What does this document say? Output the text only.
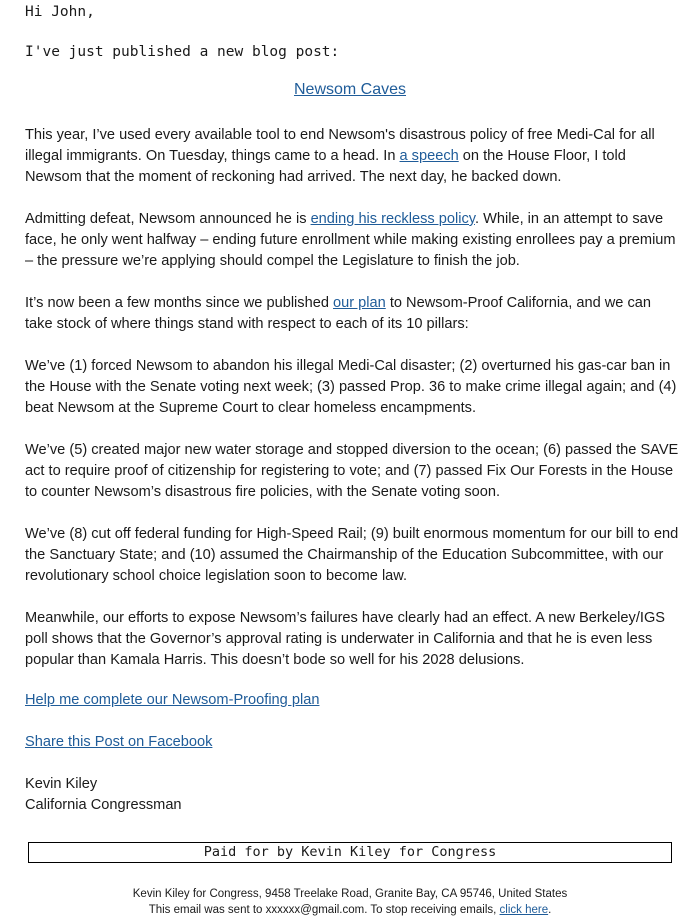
Hi John,
I've just published a new blog post:
Newsom Caves

This year, I’ve used every available tool to end Newsom's disastrous policy of free Medi-Cal for all illegal immigrants. On Tuesday, things came to a head. In a speech on the House Floor, I told Newsom that the moment of reckoning had arrived. The next day, he backed down.

Admitting defeat, Newsom announced he is ending his reckless policy. While, in an attempt to save face, he only went halfway – ending future enrollment while making existing enrollees pay a premium – the pressure we’re applying should compel the Legislature to finish the job.

It’s now been a few months since we published our plan to Newsom-Proof California, and we can take stock of where things stand with respect to each of its 10 pillars:

We’ve (1) forced Newsom to abandon his illegal Medi-Cal disaster; (2) overturned his gas-car ban in the House with the Senate voting next week; (3) passed Prop. 36 to make crime illegal again; and (4) beat Newsom at the Supreme Court to clear homeless encampments.

We’ve (5) created major new water storage and stopped diversion to the ocean; (6) passed the SAVE act to require proof of citizenship for registering to vote; and (7) passed Fix Our Forests in the House to counter Newsom’s disastrous fire policies, with the Senate voting soon.

We’ve (8) cut off federal funding for High-Speed Rail; (9) built enormous momentum for our bill to end the Sanctuary State; and (10) assumed the Chairmanship of the Education Subcommittee, with our revolutionary school choice legislation soon to become law.

Meanwhile, our efforts to expose Newsom’s failures have clearly had an effect. A new Berkeley/IGS poll shows that the Governor’s approval rating is underwater in California and that he is even less popular than Kamala Harris. This doesn’t bode so well for his 2028 delusions.

Help me complete our Newsom-Proofing plan
Share this Post on Facebook
Kevin Kiley
California Congressman
Paid for by Kevin Kiley for Congress
Kevin Kiley for Congress, 9458 Treelake Road, Granite Bay, CA 95746, United States
This email was sent to xxxxxx@gmail.com. To stop receiving emails, click here.
